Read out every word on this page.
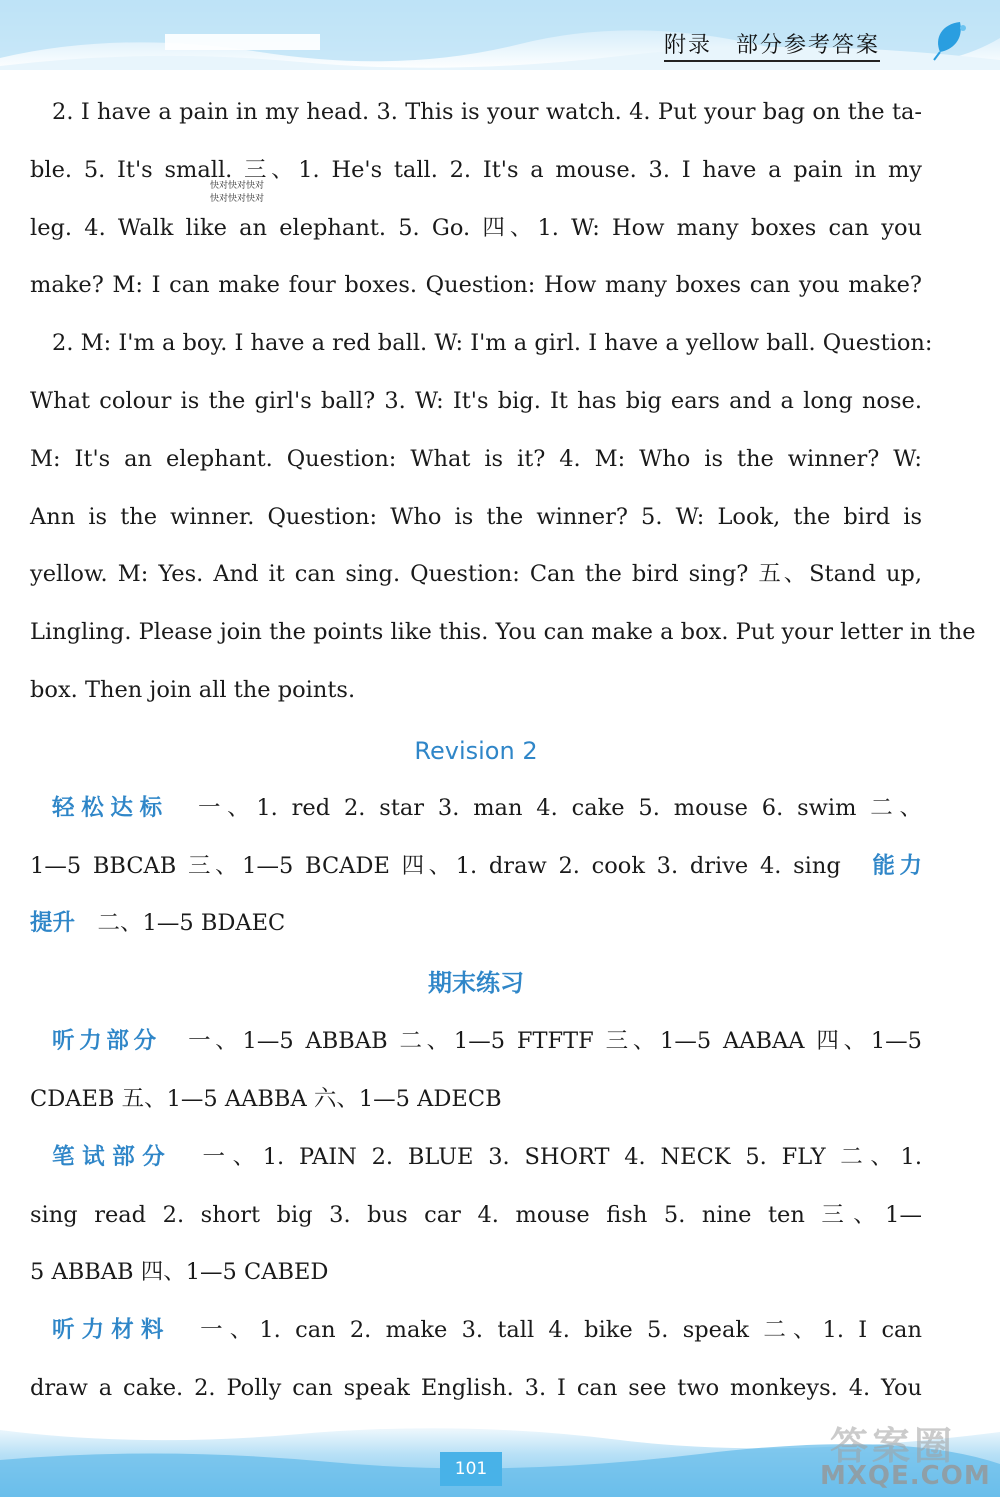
附录　部分参考答案
快对快对快对
快对快对快对
2. I have a pain in my head. 3. This is your watch. 4. Put your bag on the ta-
ble. 5. It's small. 三、1. He's tall. 2. It's a mouse. 3. I have a pain in my
leg. 4. Walk like an elephant. 5. Go. 四、1. W: How many boxes can you
make? M: I can make four boxes. Question: How many boxes can you make?
2. M: I'm a boy. I have a red ball. W: I'm a girl. I have a yellow ball. Question:
What colour is the girl's ball? 3. W: It's big. It has big ears and a long nose.
M: It's an elephant. Question: What is it? 4. M: Who is the winner? W:
Ann is the winner. Question: Who is the winner? 5. W: Look, the bird is
yellow. M: Yes. And it can sing. Question: Can the bird sing? 五、Stand up,
Lingling. Please join the points like this. You can make a box. Put your letter in the
box. Then join all the points.
Revision 2
轻松达标　 一、1. red 2. star 3. man 4. cake 5. mouse 6. swim 二、
1—5 BBCAB 三、1—5 BCADE 四、1. draw 2. cook 3. drive 4. sing　 能力
提升　 二、1—5 BDAEC
期末练习
听力部分　 一、1—5 ABBAB 二、1—5 FTFTF 三、1—5 AABAA 四、1—5
CDAEB 五、1—5 AABBA 六、1—5 ADECB
笔试部分　 一、1. PAIN 2. BLUE 3. SHORT 4. NECK 5. FLY 二、1.
sing read 2. short big 3. bus car 4. mouse fish 5. nine ten 三、1—
5 ABBAB 四、1—5 CABED
听力材料　 一、1. can 2. make 3. tall 4. bike 5. speak 二、1. I can
draw a cake. 2. Polly can speak English. 3. I can see two monkeys. 4. You
101
答案圈
MXQE.COM
